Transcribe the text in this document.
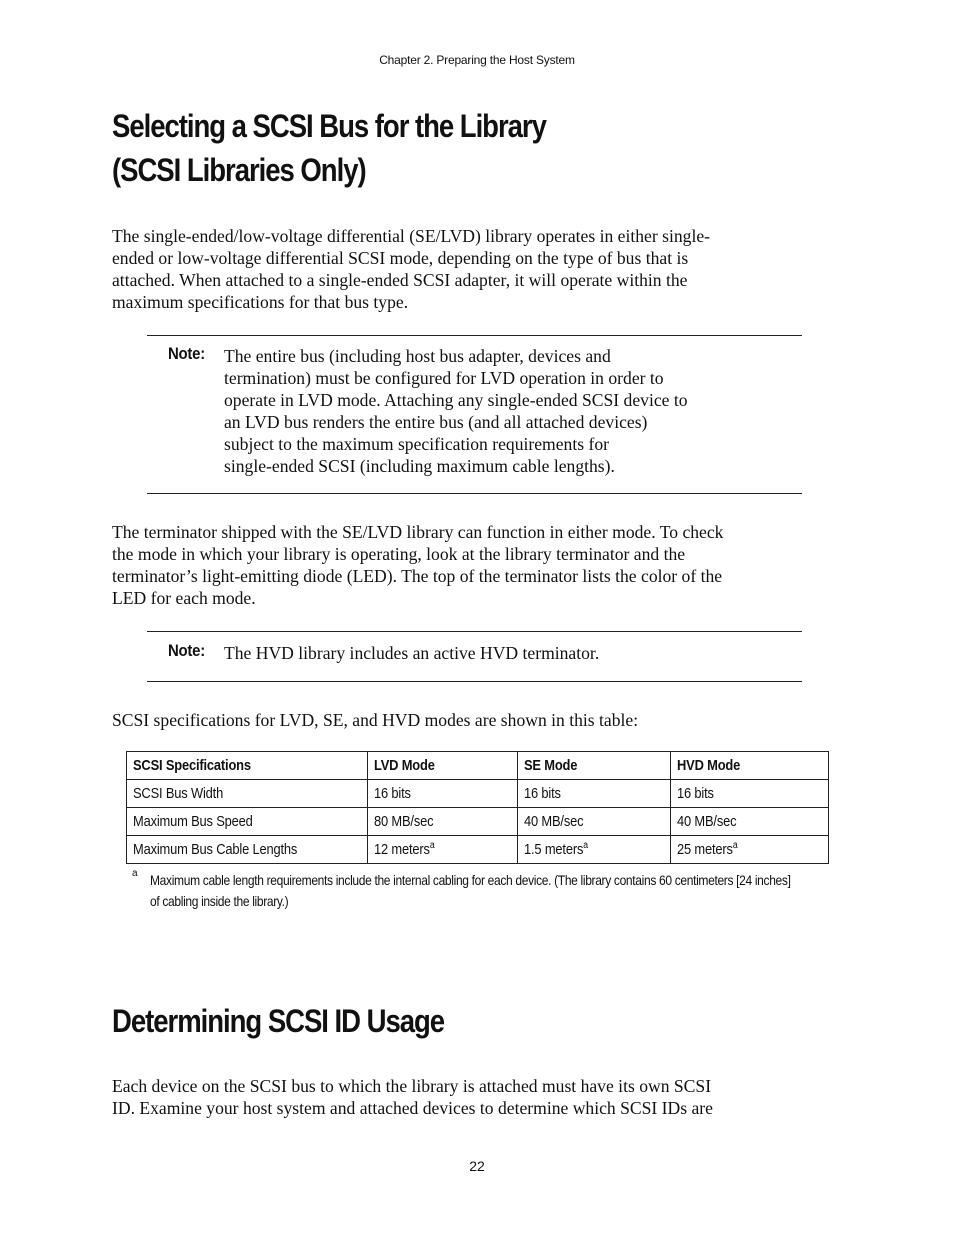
Chapter 2. Preparing the Host System
Selecting a SCSI Bus for the Library
(SCSI Libraries Only)

The single-ended/low-voltage differential (SE/LVD) library operates in either single-
ended or low-voltage differential SCSI mode, depending on the type of bus that is
attached. When attached to a single-ended SCSI adapter, it will operate within the
maximum specifications for that bus type.

Note: The entire bus (including host bus adapter, devices and
termination) must be configured for LVD operation in order to
operate in LVD mode. Attaching any single-ended SCSI device to
an LVD bus renders the entire bus (and all attached devices)
subject to the maximum specification requirements for
single-ended SCSI (including maximum cable lengths).

The terminator shipped with the SE/LVD library can function in either mode. To check
the mode in which your library is operating, look at the library terminator and the
terminator’s light-emitting diode (LED). The top of the terminator lists the color of the
LED for each mode.

Note: The HVD library includes an active HVD terminator.

SCSI specifications for LVD, SE, and HVD modes are shown in this table:

SCSI Specifications	LVD Mode	SE Mode	HVD Mode
SCSI Bus Width	16 bits	16 bits	16 bits
Maximum Bus Speed	80 MB/sec	40 MB/sec	40 MB/sec
Maximum Bus Cable Lengths	12 meters$^a$	1.5 meters$^a$	25 meters$^a$
a Maximum cable length requirements include the internal cabling for each device. (The library contains 60 centimeters [24 inches]
of cabling inside the library.)

Determining SCSI ID Usage

Each device on the SCSI bus to which the library is attached must have its own SCSI
ID. Examine your host system and attached devices to determine which SCSI IDs are

22
